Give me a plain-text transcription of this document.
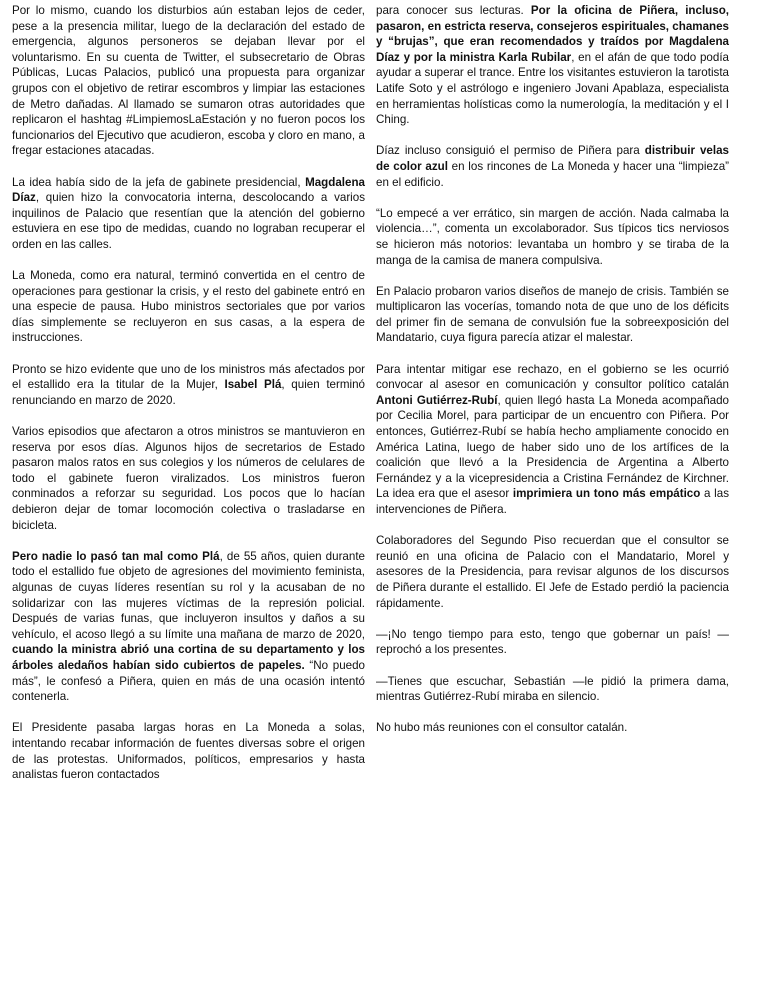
Por lo mismo, cuando los disturbios aún estaban lejos de ceder, pese a la presencia militar, luego de la declaración del estado de emergencia, algunos personeros se dejaban llevar por el voluntarismo. En su cuenta de Twitter, el subsecretario de Obras Públicas, Lucas Palacios, publicó una propuesta para organizar grupos con el objetivo de retirar escombros y limpiar las estaciones de Metro dañadas. Al llamado se sumaron otras autoridades que replicaron el hashtag #LimpiemosLaEstación y no fueron pocos los funcionarios del Ejecutivo que acudieron, escoba y cloro en mano, a fregar estaciones atacadas.

La idea había sido de la jefa de gabinete presidencial, Magdalena Díaz, quien hizo la convocatoria interna, descolocando a varios inquilinos de Palacio que resentían que la atención del gobierno estuviera en ese tipo de medidas, cuando no lograban recuperar el orden en las calles.

La Moneda, como era natural, terminó convertida en el centro de operaciones para gestionar la crisis, y el resto del gabinete entró en una especie de pausa. Hubo ministros sectoriales que por varios días simplemente se recluyeron en sus casas, a la espera de instrucciones.

Pronto se hizo evidente que uno de los ministros más afectados por el estallido era la titular de la Mujer, Isabel Plá, quien terminó renunciando en marzo de 2020.

Varios episodios que afectaron a otros ministros se mantuvieron en reserva por esos días. Algunos hijos de secretarios de Estado pasaron malos ratos en sus colegios y los números de celulares de todo el gabinete fueron viralizados. Los ministros fueron conminados a reforzar su seguridad. Los pocos que lo hacían debieron dejar de tomar locomoción colectiva o trasladarse en bicicleta.

Pero nadie lo pasó tan mal como Plá, de 55 años, quien durante todo el estallido fue objeto de agresiones del movimiento feminista, algunas de cuyas líderes resentían su rol y la acusaban de no solidarizar con las mujeres víctimas de la represión policial. Después de varias funas, que incluyeron insultos y daños a su vehículo, el acoso llegó a su límite una mañana de marzo de 2020, cuando la ministra abrió una cortina de su departamento y los árboles aledaños habían sido cubiertos de papeles. “No puedo más”, le confesó a Piñera, quien en más de una ocasión intentó contenerla.

El Presidente pasaba largas horas en La Moneda a solas, intentando recabar información de fuentes diversas sobre el origen de las protestas. Uniformados, políticos, empresarios y hasta analistas fueron contactados

para conocer sus lecturas. Por la oficina de Piñera, incluso, pasaron, en estricta reserva, consejeros espirituales, chamanes y “brujas”, que eran recomendados y traídos por Magdalena Díaz y por la ministra Karla Rubilar, en el afán de que todo podía ayudar a superar el trance. Entre los visitantes estuvieron la tarotista Latife Soto y el astrólogo e ingeniero Jovani Apablaza, especialista en herramientas holísticas como la numerología, la meditación y el I Ching.

Díaz incluso consiguió el permiso de Piñera para distribuir velas de color azul en los rincones de La Moneda y hacer una “limpieza” en el edificio.

“Lo empecé a ver errático, sin margen de acción. Nada calmaba la violencia…”, comenta un excolaborador. Sus típicos tics nerviosos se hicieron más notorios: levantaba un hombro y se tiraba de la manga de la camisa de manera compulsiva.

En Palacio probaron varios diseños de manejo de crisis. También se multiplicaron las vocerías, tomando nota de que uno de los déficits del primer fin de semana de convulsión fue la sobreexposición del Mandatario, cuya figura parecía atizar el malestar.

Para intentar mitigar ese rechazo, en el gobierno se les ocurrió convocar al asesor en comunicación y consultor político catalán Antoni Gutiérrez-Rubí, quien llegó hasta La Moneda acompañado por Cecilia Morel, para participar de un encuentro con Piñera. Por entonces, Gutiérrez-Rubí se había hecho ampliamente conocido en América Latina, luego de haber sido uno de los artífices de la coalición que llevó a la Presidencia de Argentina a Alberto Fernández y a la vicepresidencia a Cristina Fernández de Kirchner. La idea era que el asesor imprimiera un tono más empático a las intervenciones de Piñera.

Colaboradores del Segundo Piso recuerdan que el consultor se reunió en una oficina de Palacio con el Mandatario, Morel y asesores de la Presidencia, para revisar algunos de los discursos de Piñera durante el estallido. El Jefe de Estado perdió la paciencia rápidamente.

—¡No tengo tiempo para esto, tengo que gobernar un país! —reprochó a los presentes.

—Tienes que escuchar, Sebastián —le pidió la primera dama, mientras Gutiérrez-Rubí miraba en silencio.

No hubo más reuniones con el consultor catalán.
